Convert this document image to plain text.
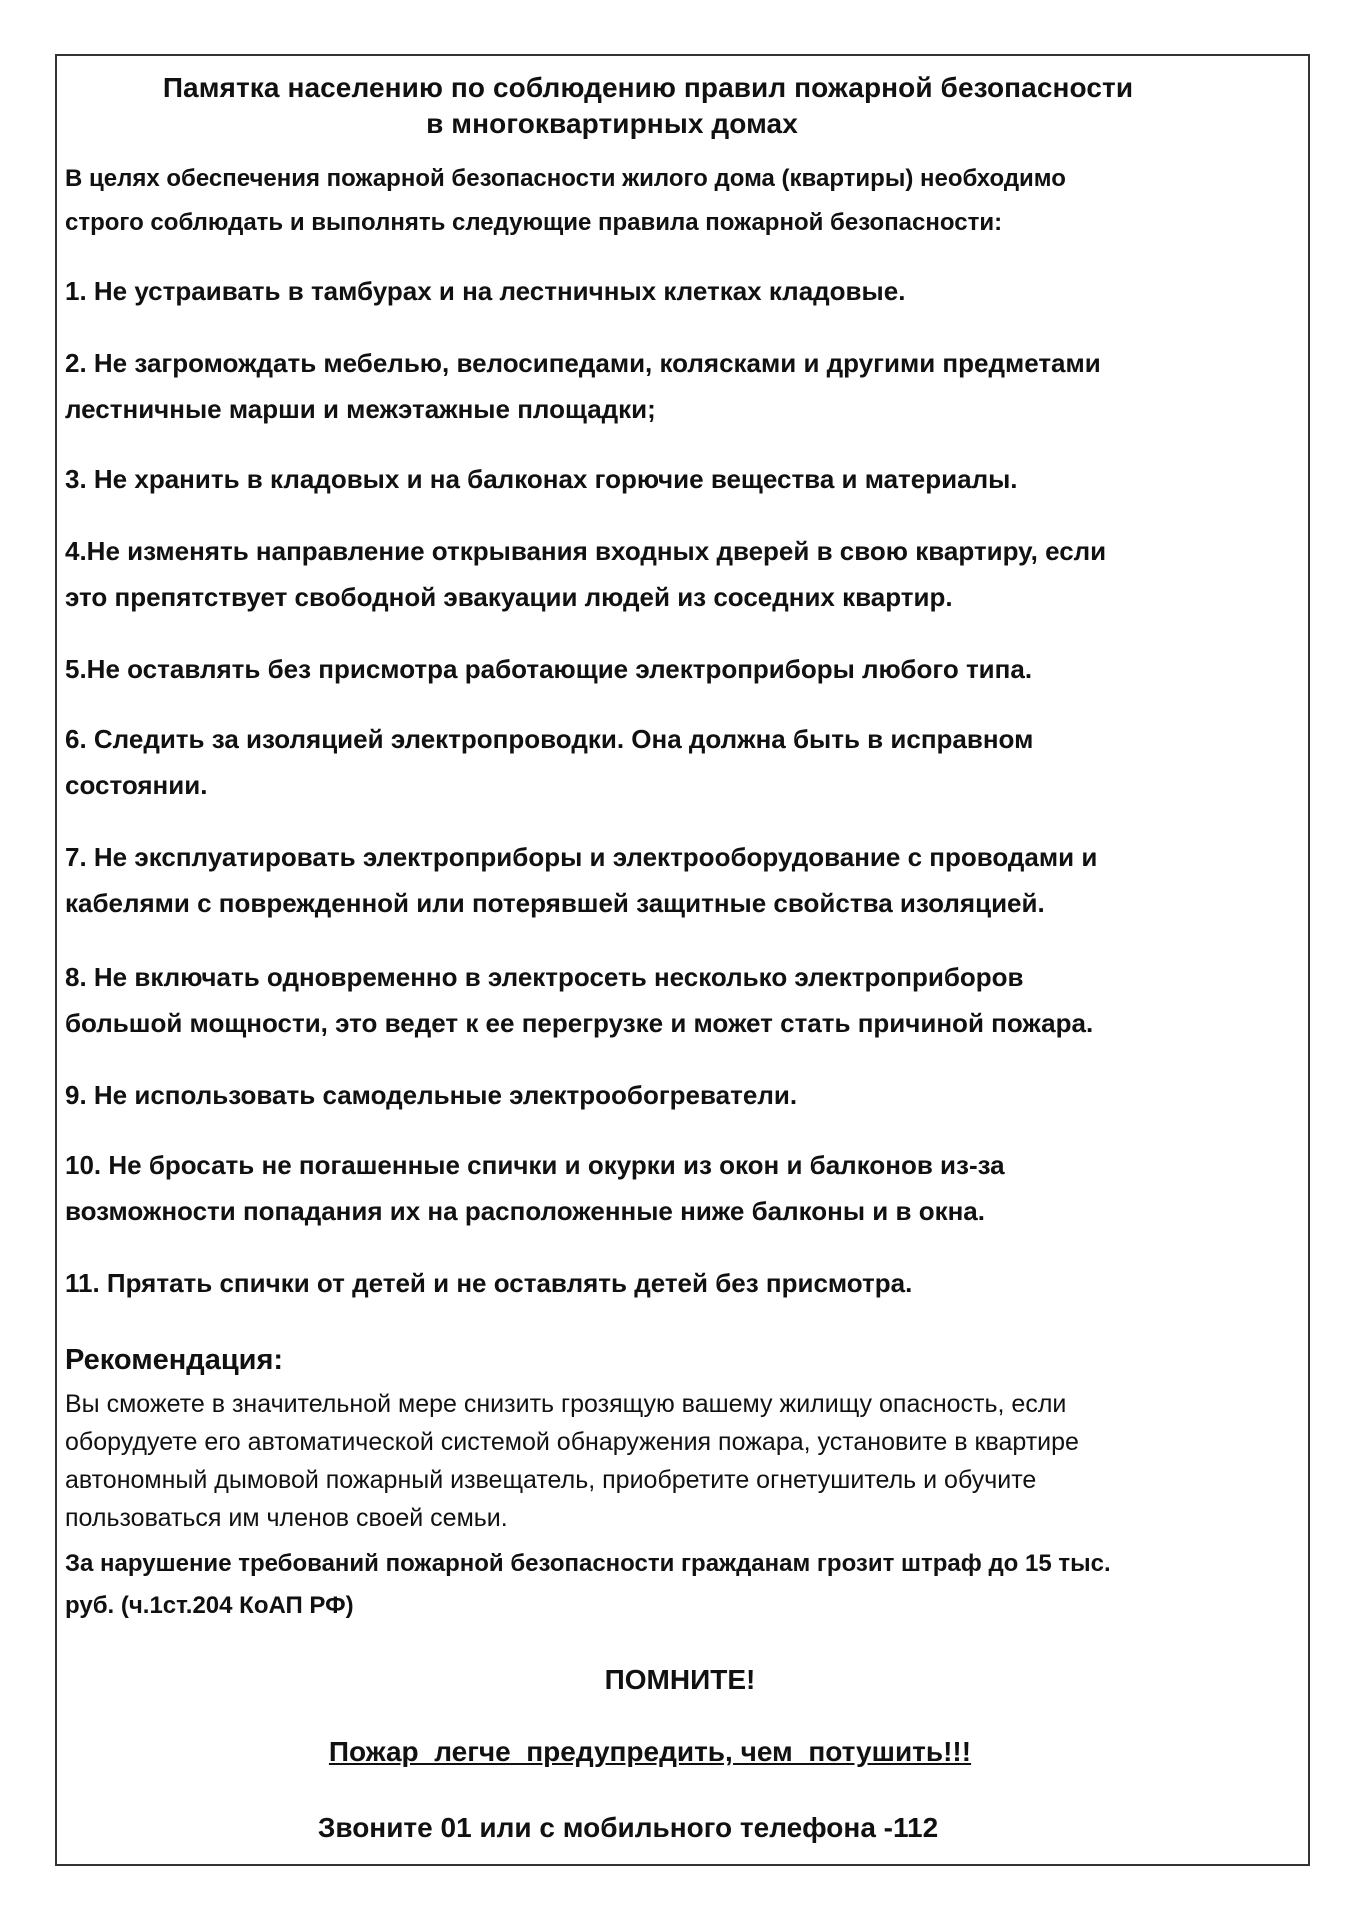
Памятка населению по соблюдению правил пожарной безопасности
в многоквартирных домах
В целях обеспечения пожарной безопасности жилого дома (квартиры) необходимо
строго соблюдать и выполнять следующие правила пожарной безопасности:
1. Не устраивать в тамбурах и на лестничных клетках кладовые.
2. Не загромождать мебелью, велосипедами, колясками и другими предметами
лестничные марши и межэтажные площадки;
3. Не хранить в кладовых и на балконах горючие вещества и материалы.
4.Не изменять направление открывания входных дверей в свою квартиру, если
это препятствует свободной эвакуации людей из соседних квартир.
5.Не оставлять без присмотра работающие электроприборы любого типа.
6. Следить за изоляцией электропроводки. Она должна быть в исправном
состоянии.
7. Не эксплуатировать электроприборы и электрооборудование с проводами и
кабелями с поврежденной или потерявшей защитные свойства изоляцией.
8. Не включать одновременно в электросеть несколько электроприборов
большой мощности, это ведет к ее перегрузке и может стать причиной пожара.
9. Не использовать самодельные электрообогреватели.
10. Не бросать не погашенные спички и окурки из окон и балконов из-за
возможности попадания их на расположенные ниже балконы и в окна.
11. Прятать спички от детей и не оставлять детей без присмотра.
Рекомендация:
Вы сможете в значительной мере снизить грозящую вашему жилищу опасность, если
оборудуете его автоматической системой обнаружения пожара, установите в квартире
автономный дымовой пожарный извещатель, приобретите огнетушитель и обучите
пользоваться им членов своей семьи.
За нарушение требований пожарной безопасности гражданам грозит штраф до 15 тыс.
руб. (ч.1ст.204 КоАП РФ)
ПОМНИТЕ!
Пожар  легче  предупредить, чем  потушить!!!
Звоните 01 или с мобильного телефона -112
